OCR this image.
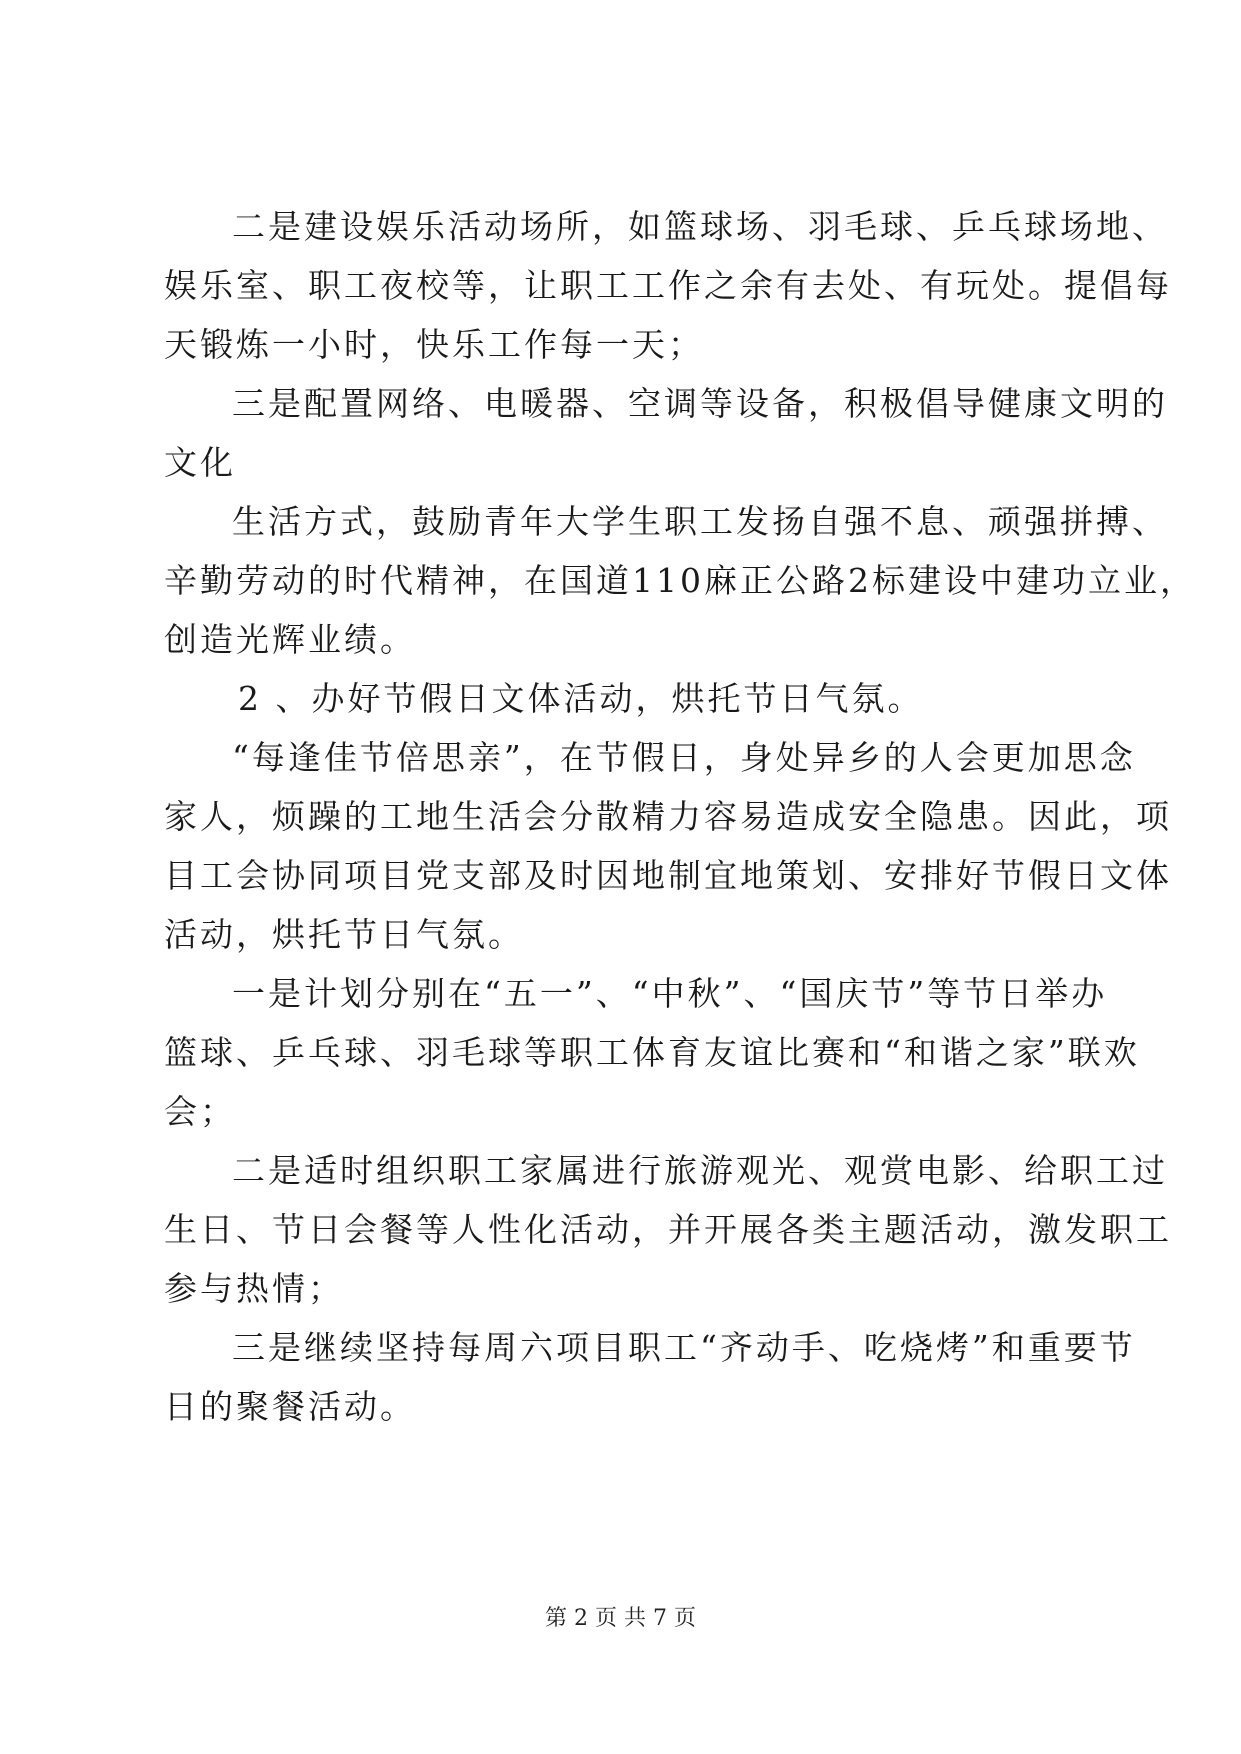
二是建设娱乐活动场所，如篮球场、羽毛球、乒乓球场地、
娱乐室、职工夜校等，让职工工作之余有去处、有玩处。提倡每
天锻炼一小时，快乐工作每一天；
三是配置网络、电暖器、空调等设备，积极倡导健康文明的
文化
生活方式，鼓励青年大学生职工发扬自强不息、顽强拼搏、
辛勤劳动的时代精神，在国道110麻正公路2标建设中建功立业，
创造光辉业绩。
2 、办好节假日文体活动，烘托节日气氛。
“每逢佳节倍思亲”，在节假日，身处异乡的人会更加思念
家人，烦躁的工地生活会分散精力容易造成安全隐患。因此，项
目工会协同项目党支部及时因地制宜地策划、安排好节假日文体
活动，烘托节日气氛。
一是计划分别在“五一”、“中秋”、“国庆节”等节日举办
篮球、乒乓球、羽毛球等职工体育友谊比赛和“和谐之家”联欢
会；
二是适时组织职工家属进行旅游观光、观赏电影、给职工过
生日、节日会餐等人性化活动，并开展各类主题活动，激发职工
参与热情；
三是继续坚持每周六项目职工“齐动手、吃烧烤”和重要节
日的聚餐活动。
第 2 页 共 7 页
